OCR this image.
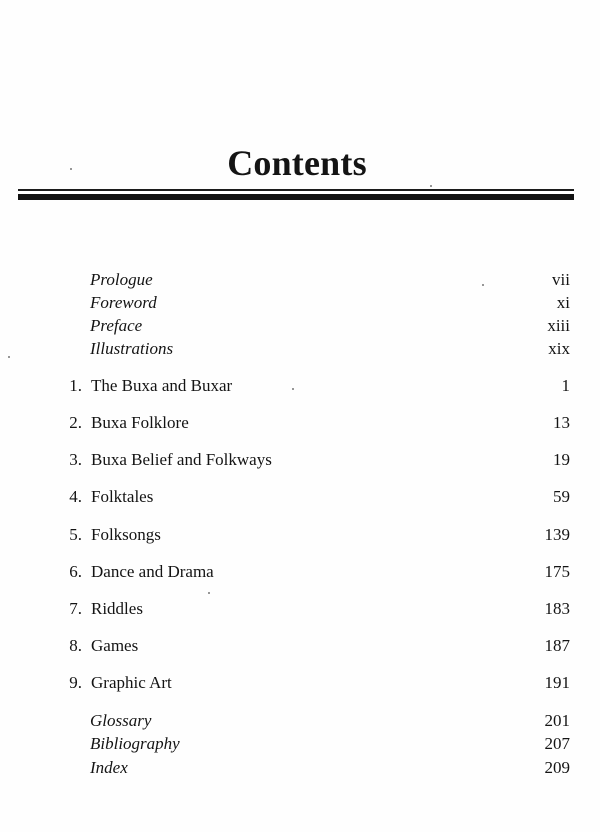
Contents
Prologue	vii
Foreword	xi
Preface	xiii
Illustrations	xix
1. The Buxa and Buxar	1
2. Buxa Folklore	13
3. Buxa Belief and Folkways	19
4. Folktales	59
5. Folksongs	139
6. Dance and Drama	175
7. Riddles	183
8. Games	187
9. Graphic Art	191
Glossary	201
Bibliography	207
Index	209
